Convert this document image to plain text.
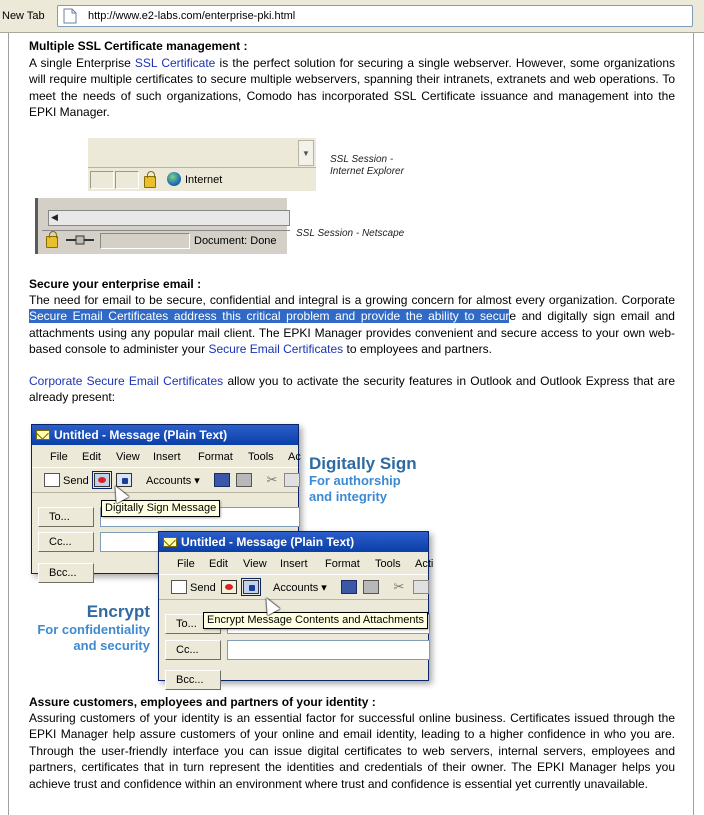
New Tab	http://www.e2-labs.com/enterprise-pki.html
Multiple SSL Certificate management :

A single Enterprise SSL Certificate is the perfect solution for securing a single webserver. However, some organizations will require multiple certificates to secure multiple webservers, spanning their intranets, extranets and web operations. To meet the needs of such organizations, Comodo has incorporated SSL Certificate issuance and management into the EPKI Manager.

▼
Internet
SSL Session -
Internet Explorer
◀
Document: Done
SSL Session - Netscape
Secure your enterprise email :

The need for email to be secure, confidential and integral is a growing concern for almost every organization. Corporate Secure Email Certificates address this critical problem and provide the ability to secure and digitally sign email and attachments using any popular mail client. The EPKI Manager provides convenient and secure access to your own web-based console to administer your Secure Email Certificates to employees and partners.

Corporate Secure Email Certificates allow you to activate the security features in Outlook and Outlook Express that are already present:

Untitled - Message (Plain Text)
File Edit View Insert Format Tools Ac
Send	Accounts ▾	✂
To...
Cc...
Bcc...
Digitally Sign Message
Digitally Sign
For authorship
and integrity
Untitled - Message (Plain Text)
File Edit View Insert Format Tools Acti
Send	Accounts ▾	✂
To...
Cc...
Bcc...
Encrypt Message Contents and Attachments
Encrypt
For confidentiality
and security
Assure customers, employees and partners of your identity :

Assuring customers of your identity is an essential factor for successful online business. Certificates issued through the EPKI Manager help assure customers of your online and email identity, leading to a higher confidence in who you are. Through the user-friendly interface you can issue digital certificates to web servers, internal servers, employees and partners, certificates that in turn represent the identities and credentials of their owner. The EPKI Manager helps you achieve trust and confidence within an environment where trust and confidence is essential yet currently unavailable.
